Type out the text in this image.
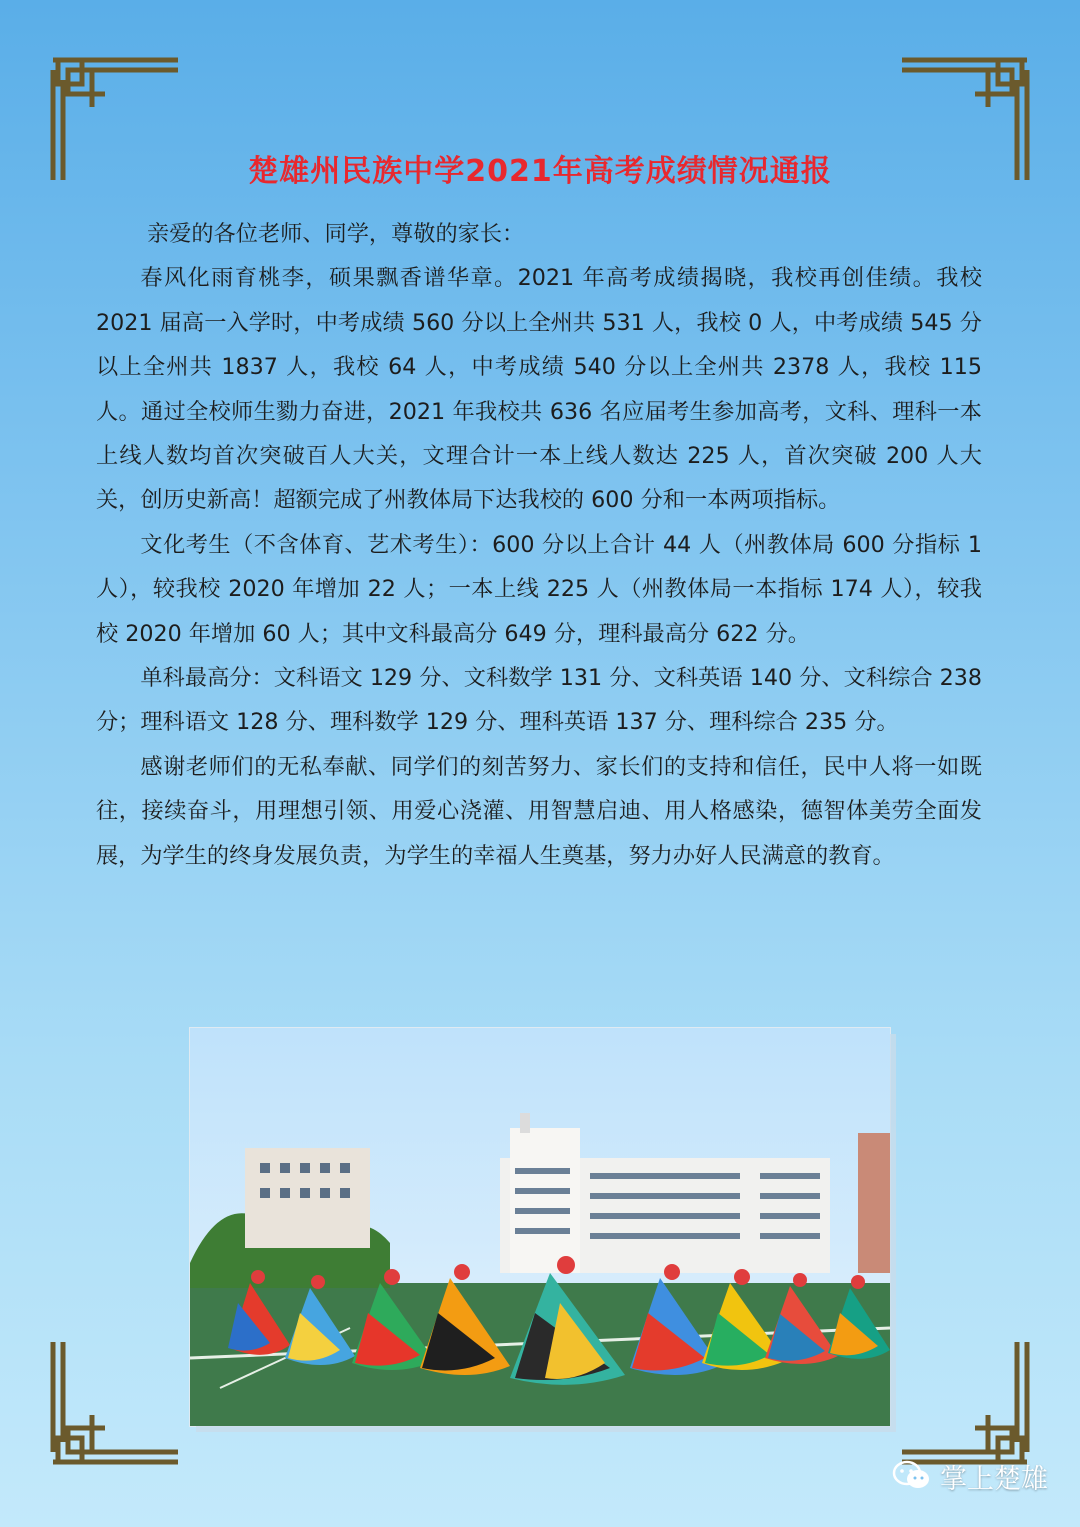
楚雄州民族中学2021年高考成绩情况通报

亲爱的各位老师、同学，尊敬的家长：

春风化雨育桃李，硕果飘香谱华章。2021 年高考成绩揭晓，我校再创佳绩。我校 2021 届高一入学时，中考成绩 560 分以上全州共 531 人，我校 0 人，中考成绩 545 分以上全州共 1837 人，我校 64 人，中考成绩 540 分以上全州共 2378 人，我校 115 人。通过全校师生勠力奋进，2021 年我校共 636 名应届考生参加高考，文科、理科一本上线人数均首次突破百人大关，文理合计一本上线人数达 225 人，首次突破 200 人大关，创历史新高！超额完成了州教体局下达我校的 600 分和一本两项指标。

文化考生（不含体育、艺术考生）：600 分以上合计 44 人（州教体局 600 分指标 1 人），较我校 2020 年增加 22 人；一本上线 225 人（州教体局一本指标 174 人），较我校 2020 年增加 60 人；其中文科最高分 649 分，理科最高分 622 分。

单科最高分：文科语文 129 分、文科数学 131 分、文科英语 140 分、文科综合 238 分；理科语文 128 分、理科数学 129 分、理科英语 137 分、理科综合 235 分。

感谢老师们的无私奉献、同学们的刻苦努力、家长们的支持和信任，民中人将一如既往，接续奋斗，用理想引领、用爱心浇灌、用智慧启迪、用人格感染，德智体美劳全面发展，为学生的终身发展负责，为学生的幸福人生奠基，努力办好人民满意的教育。

掌上楚雄
